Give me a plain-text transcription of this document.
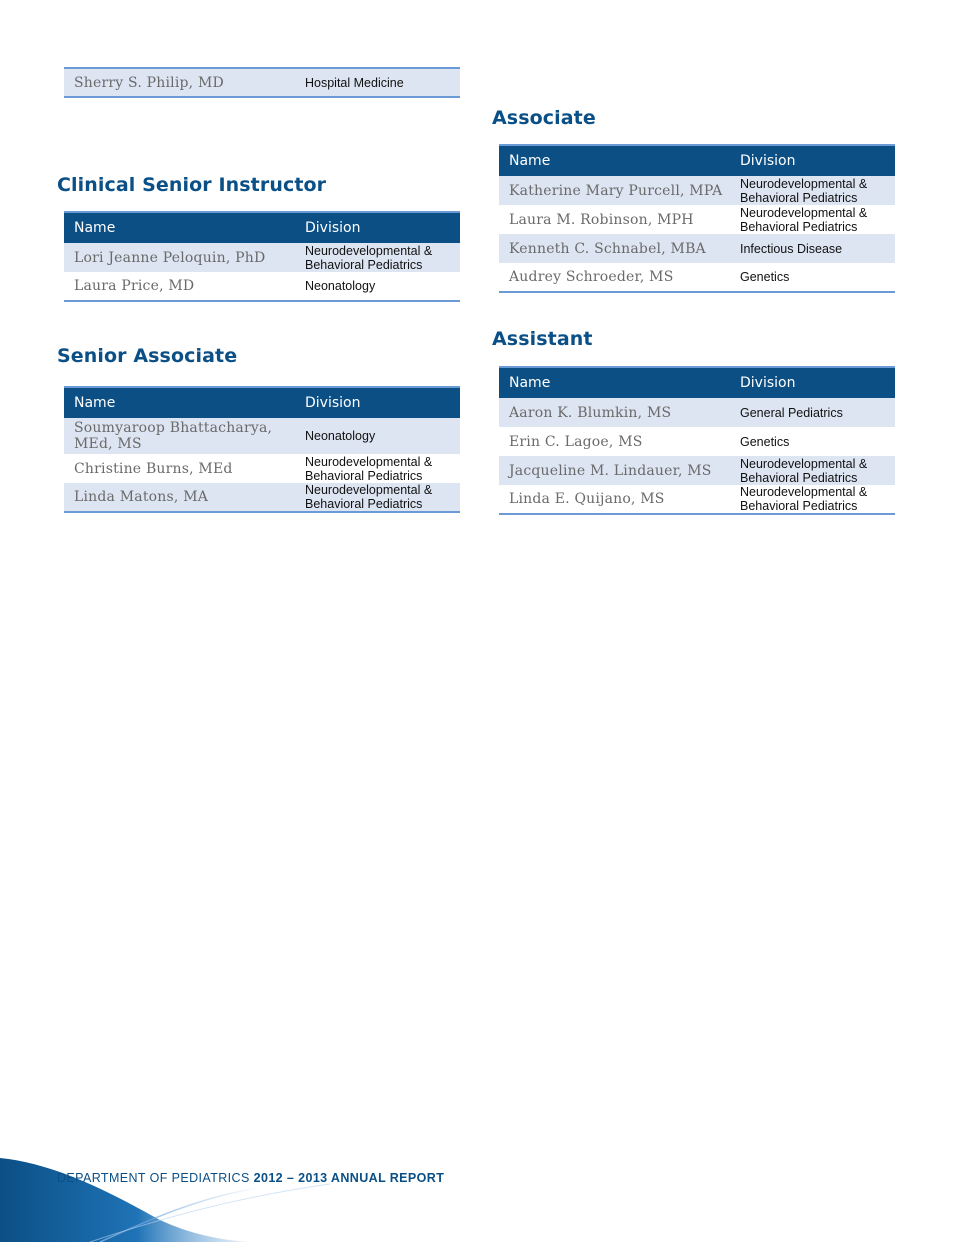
Sherry S. Philip, MD	Hospital Medicine
Clinical Senior Instructor
Name	Division
Lori Jeanne Peloquin, PhD	Neurodevelopmental & Behavioral Pediatrics
Laura Price, MD	Neonatology
Senior Associate
Name	Division
Soumyaroop Bhattacharya, MEd, MS	Neonatology
Christine Burns, MEd	Neurodevelopmental & Behavioral Pediatrics
Linda Matons, MA	Neurodevelopmental & Behavioral Pediatrics
Associate
Name	Division
Katherine Mary Purcell, MPA	Neurodevelopmental & Behavioral Pediatrics
Laura M. Robinson, MPH	Neurodevelopmental & Behavioral Pediatrics
Kenneth C. Schnabel, MBA	Infectious Disease
Audrey Schroeder, MS	Genetics
Assistant
Name	Division
Aaron K. Blumkin, MS	General Pediatrics
Erin C. Lagoe, MS	Genetics
Jacqueline M. Lindauer, MS	Neurodevelopmental & Behavioral Pediatrics
Linda E. Quijano, MS	Neurodevelopmental & Behavioral Pediatrics
DEPARTMENT OF PEDIATRICS 2012 – 2013 ANNUAL REPORT
